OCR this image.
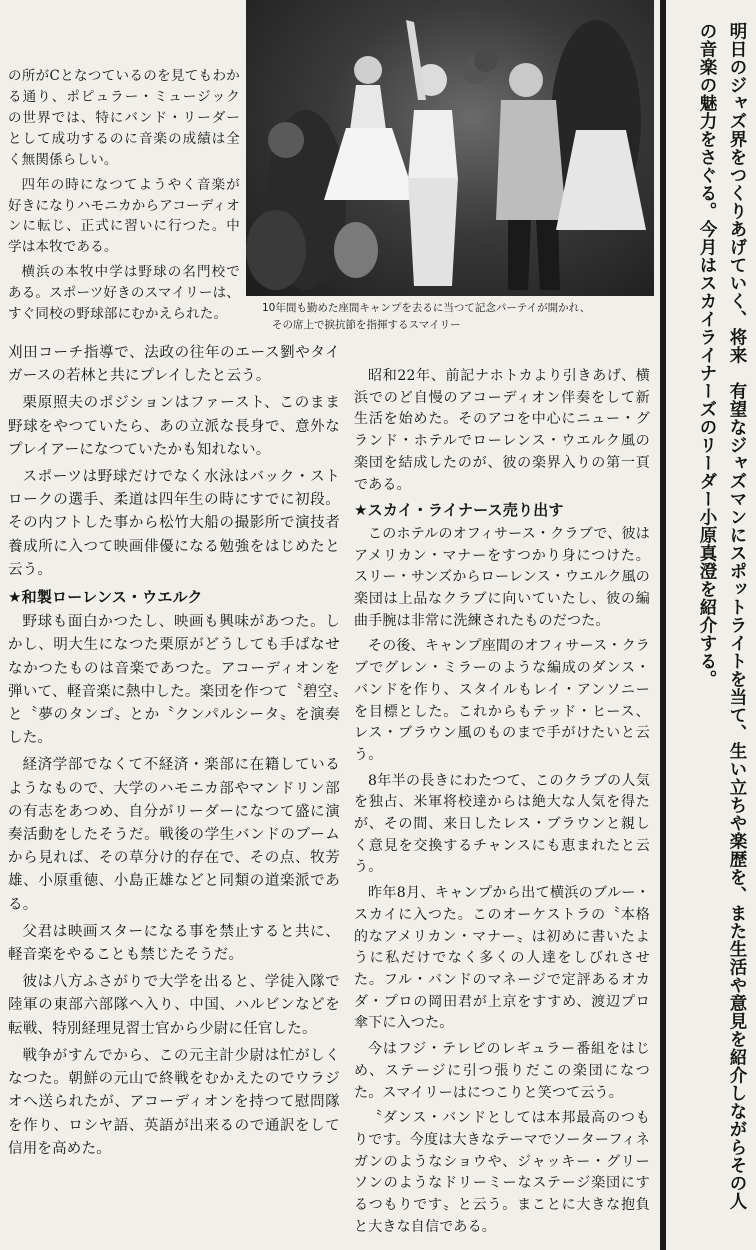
10年間も勤めた座間キャンプを去るに当つて記念パーテイが開かれ、
その席上で捩抗節を指揮するスマイリー	明日のジャズ界をつくりあげていく、将来　有望なジャズマンにスポットライトを当て、生い立ちや楽歴を、また生活や意見を紹介しながらその人の音楽の魅力をさぐる。今月はスカイライナーズのリーダー小原真澄を紹介する。

の所がCとなつているのを見てもわかる通り、ポピュラー・ミュージックの世界では、特にバンド・リーダーとして成功するのに音楽の成績は全く無関係らしい。

四年の時になつてようやく音楽が好きになりハモニカからアコーディオンに転じ、正式に習いに行つた。中学は本牧である。

横浜の本牧中学は野球の名門校である。スポーツ好きのスマイリーは、すぐ同校の野球部にむかえられた。

刈田コーチ指導で、法政の往年のエース劉やタイガースの若林と共にプレイしたと云う。

栗原照夫のポジションはファースト、このまま野球をやつていたら、あの立派な長身で、意外なプレイアーになつていたかも知れない。

スポーツは野球だけでなく水泳はバック・ストロークの選手、柔道は四年生の時にすでに初段。その内フトした事から松竹大船の撮影所で演技者養成所に入つて映画俳優になる勉強をはじめたと云う。

★和製ローレンス・ウエルク

野球も面白かつたし、映画も興味があつた。しかし、明大生になつた栗原がどうしても手ばなせなかつたものは音楽であつた。アコーディオンを弾いて、軽音楽に熱中した。楽団を作つて〝碧空〟と〝夢のタンゴ〟とか〝クンパルシータ〟を演奏した。

経済学部でなくて不経済・楽部に在籍しているようなもので、大学のハモニカ部やマンドリン部の有志をあつめ、自分がリーダーになつて盛に演奏活動をしたそうだ。戦後の学生バンドのブームから見れば、その草分け的存在で、その点、牧芳雄、小原重徳、小島正雄などと同類の道楽派である。

父君は映画スターになる事を禁止すると共に、軽音楽をやることも禁じたそうだ。

彼は八方ふさがりで大学を出ると、学徒入隊で陸軍の東部六部隊へ入り、中国、ハルビンなどを転戦、特別経理見習士官から少尉に任官した。

戦争がすんでから、この元主計少尉は忙がしくなつた。朝鮮の元山で終戦をむかえたのでウラジオへ送られたが、アコーディオンを持つて慰問隊を作り、ロシヤ語、英語が出来るので通訳をして信用を高めた。

昭和22年、前記ナホトカより引きあげ、横浜でのど自慢のアコーディオン伴奏をして新生活を始めた。そのアコを中心にニュー・グランド・ホテルでローレンス・ウエルク風の楽団を結成したのが、彼の楽界入りの第一頁である。

★スカイ・ライナース売り出す

このホテルのオフィサース・クラブで、彼はアメリカン・マナーをすつかり身につけた。スリー・サンズからローレンス・ウエルク風の楽団は上品なクラブに向いていたし、彼の編曲手腕は非常に洗練されたものだつた。

その後、キャンプ座間のオフィサース・クラブでグレン・ミラーのような編成のダンス・バンドを作り、スタイルもレイ・アンソニーを目標とした。これからもテッド・ヒース、レス・ブラウン風のものまで手がけたいと云う。

8年半の長きにわたつて、このクラブの人気を独占、米軍将校達からは絶大な人気を得たが、その間、来日したレス・ブラウンと親しく意見を交換するチャンスにも恵まれたと云う。

昨年8月、キャンプから出て横浜のブルー・スカイに入つた。このオーケストラの〝本格的なアメリカン・マナー〟は初めに書いたように私だけでなく多くの人達をしびれさせた。フル・バンドのマネージで定評あるオカダ・プロの岡田君が上京をすすめ、渡辺プロ傘下に入つた。

今はフジ・テレビのレギュラー番組をはじめ、ステージに引つ張りだこの楽団になつた。スマイリーはにつこりと笑つて云う。

〝ダンス・バンドとしては本邦最高のつもりです。今度は大きなテーマでソーターフィネガンのようなショウや、ジャッキー・グリーソンのようなドリーミーなステージ楽団にするつもりです〟と云う。まことに大きな抱負と大きな自信である。
